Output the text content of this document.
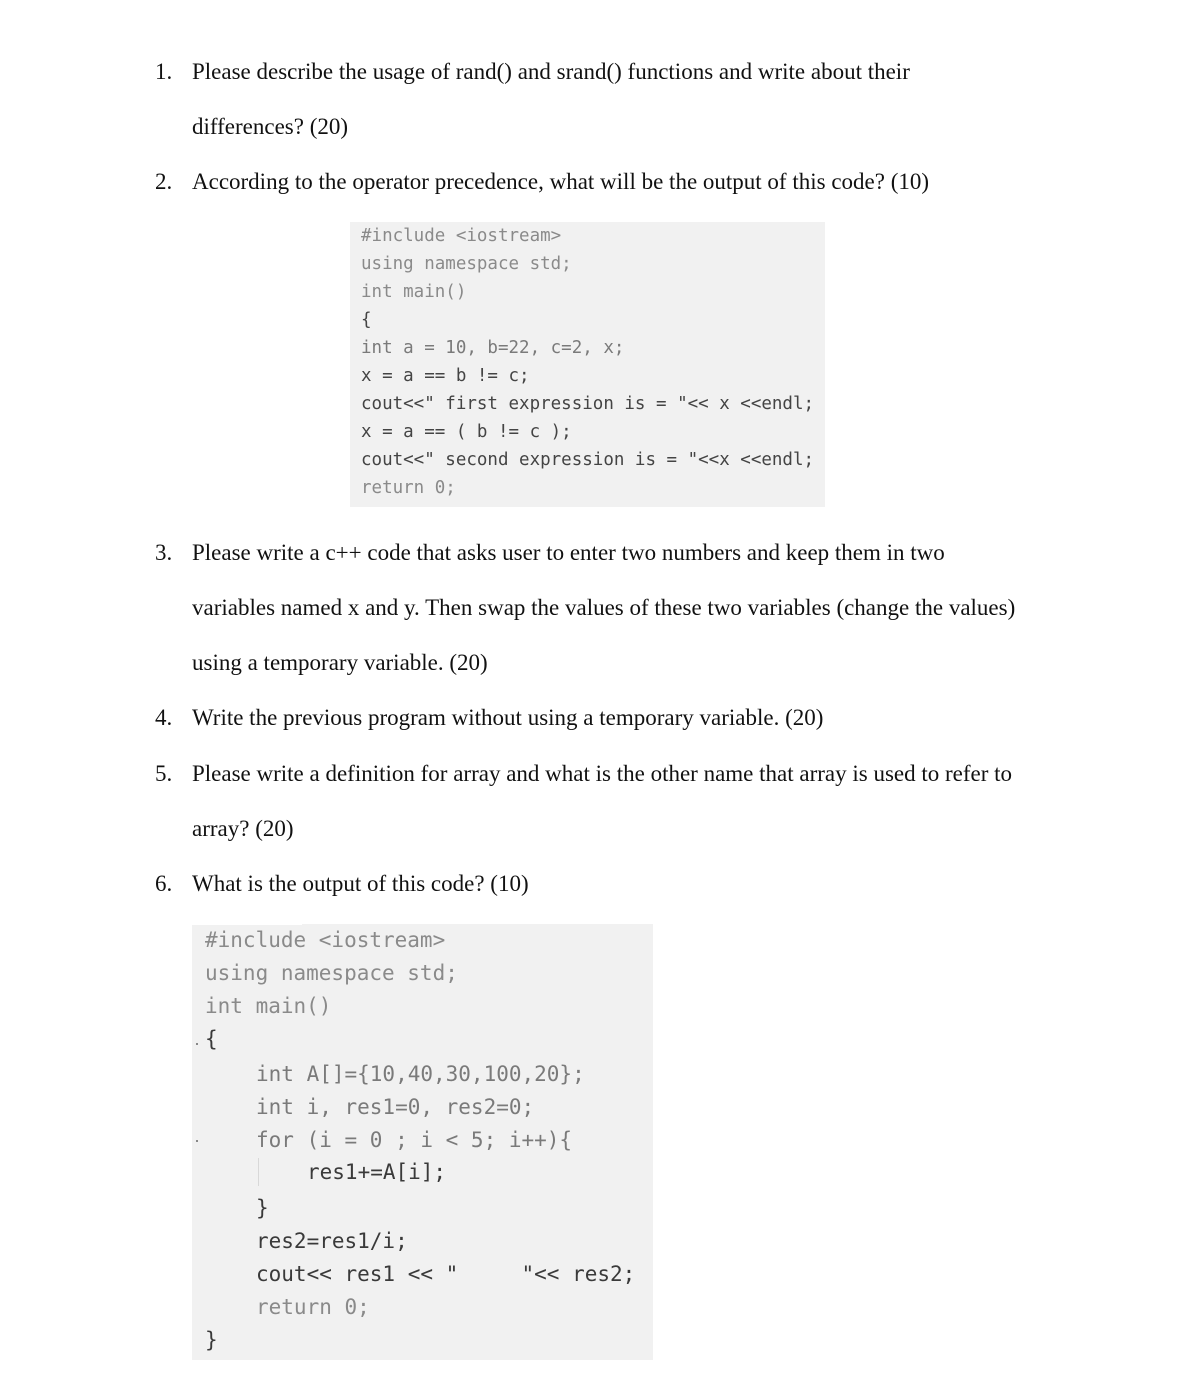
1. Please describe the usage of rand() and srand() functions and write about their
differences? (20)
2. According to the operator precedence, what will be the output of this code? (10)
#include <iostream>
using namespace std;
int main()
{
int a = 10, b=22, c=2, x;
x = a == b != c;
cout<<" first expression is = "<< x <<endl;
x = a == ( b != c );
cout<<" second expression is = "<<x <<endl;
return 0;
3. Please write a c++ code that asks user to enter two numbers and keep them in two
variables named x and y. Then swap the values of these two variables (change the values)
using a temporary variable. (20)
4. Write the previous program without using a temporary variable. (20)
5. Please write a definition for array and what is the other name that array is used to refer to
array? (20)
6. What is the output of this code? (10)
#include <iostream>
using namespace std;
int main()
{
int A[]={10,40,30,100,20};
int i, res1=0, res2=0;
for (i = 0 ; i < 5; i++){
res1+=A[i];
}
res2=res1/i;
cout<< res1 << "     "<< res2;
return 0;
}
